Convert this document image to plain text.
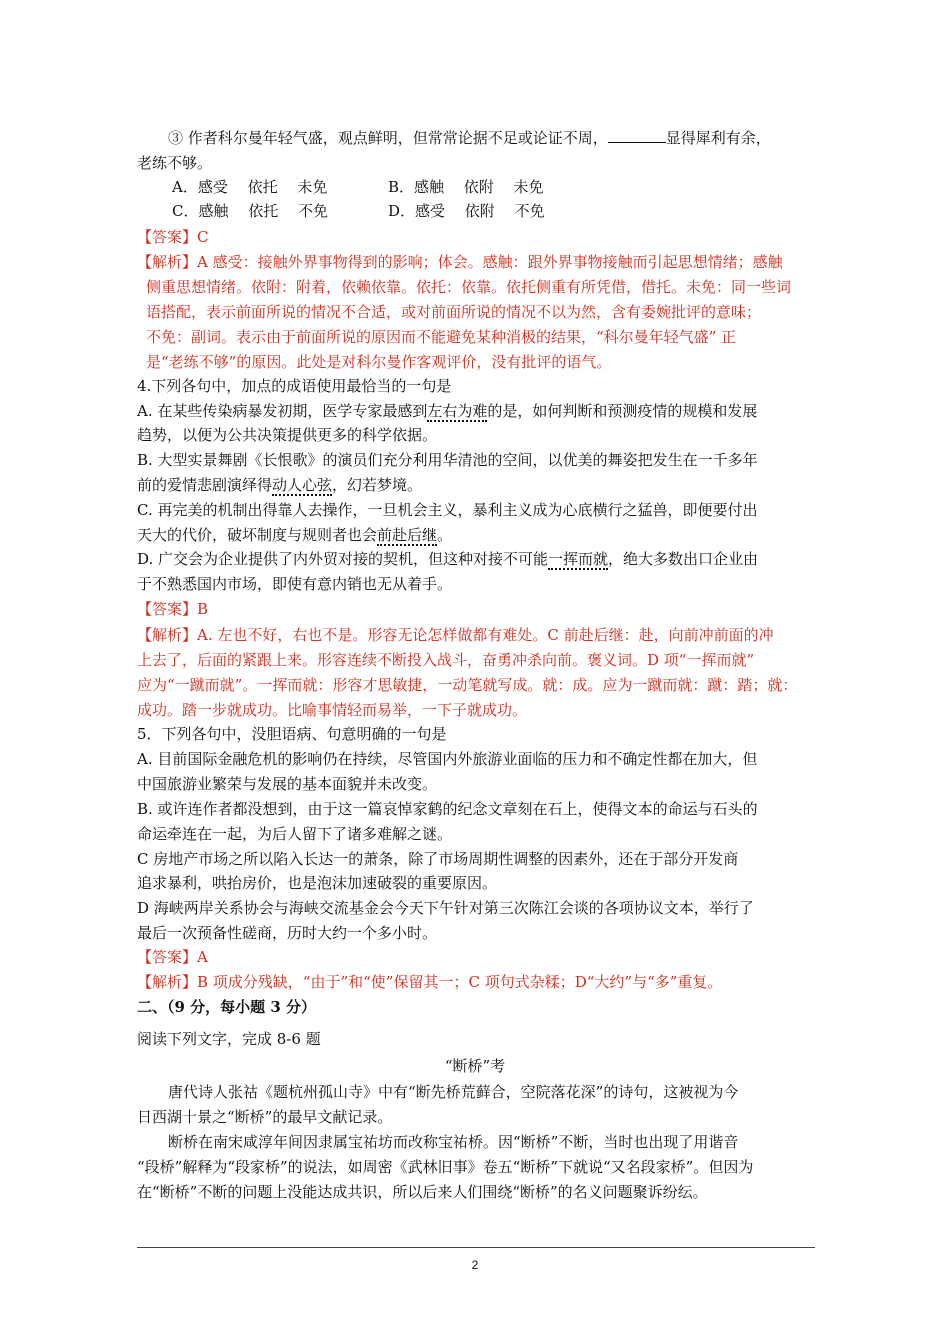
③ 作者科尔曼年轻气盛，观点鲜明，但常常论据不足或论证不周，	显得犀利有余，
老练不够。
A．感受　 依托　 未免	B．感触　 依附　 未免
C．感触　 依托　 不免	D．感受　 依附　 不免
【答案】C
【解析】A 感受：接触外界事物得到的影响；体会。感触：跟外界事物接触而引起思想情绪；感触
侧重思想情绪。依附：附着，依赖依靠。依托：依靠。依托侧重有所凭借，借托。未免：同一些词
语搭配，表示前面所说的情况不合适，或对前面所说的情况不以为然，含有委婉批评的意味；
不免：副词。表示由于前面所说的原因而不能避免某种消极的结果，“科尔曼年轻气盛” 正
是“老练不够”的原因。此处是对科尔曼作客观评价，没有批评的语气。
4.下列各句中，加点的成语使用最恰当的一句是
A. 在某些传染病暴发初期，医学专家最感到左右为难的是，如何判断和预测疫情的规模和发展
趋势，以便为公共决策提供更多的科学依据。
B. 大型实景舞剧《长恨歌》的演员们充分利用华清池的空间，以优美的舞姿把发生在一千多年
前的爱情悲剧演绎得动人心弦，幻若梦境。
C. 再完美的机制出得靠人去操作，一旦机会主义，暴利主义成为心底横行之猛兽，即便要付出
天大的代价，破坏制度与规则者也会前赴后继。
D. 广交会为企业提供了内外贸对接的契机，但这种对接不可能一挥而就，绝大多数出口企业由
于不熟悉国内市场，即使有意内销也无从着手。
【答案】B
【解析】A. 左也不好，右也不是。形容无论怎样做都有难处。C 前赴后继：赴，向前冲前面的冲
上去了，后面的紧跟上来。形容连续不断投入战斗，奋勇冲杀向前。褒义词。D 项“一挥而就”
应为“一蹴而就”。一挥而就：形容才思敏捷，一动笔就写成。就：成。应为一蹴而就：蹴：踏；就：
成功。踏一步就成功。比喻事情轻而易举，一下子就成功。
5．下列各句中，没胆语病、句意明确的一句是
A. 目前国际金融危机的影响仍在持续，尽管国内外旅游业面临的压力和不确定性都在加大，但
中国旅游业繁荣与发展的基本面貌并未改变。
B. 或许连作者都没想到，由于这一篇哀悼家鹤的纪念文章刻在石上，使得文本的命运与石头的
命运牵连在一起，为后人留下了诸多难解之谜。
C 房地产市场之所以陷入长达一的萧条，除了市场周期性调整的因素外，还在于部分开发商
追求暴利，哄抬房价，也是泡沫加速破裂的重要原因。
D 海峡两岸关系协会与海峡交流基金会今天下午针对第三次陈江会谈的各项协议文本，举行了
最后一次预备性磋商，历时大约一个多小时。
【答案】A
【解析】B 项成分残缺，“由于”和“使”保留其一；C 项句式杂糅；D“大约”与“多”重复。
二、（9 分，每小题 3 分）
阅读下列文字，完成 8-6 题
“断桥”考
唐代诗人张祜《题杭州孤山寺》中有“断先桥荒藓合，空院落花深”的诗句，这被视为今
日西湖十景之“断桥”的最早文献记录。
断桥在南宋咸淳年间因隶属宝祐坊而改称宝祐桥。因“断桥”不断，当时也出现了用谐音
“段桥”解释为“段家桥”的说法，如周密《武林旧事》卷五“断桥”下就说“又名段家桥”。但因为
在“断桥”不断的问题上没能达成共识，所以后来人们围绕“断桥”的名义问题聚诉纷纭。
2
